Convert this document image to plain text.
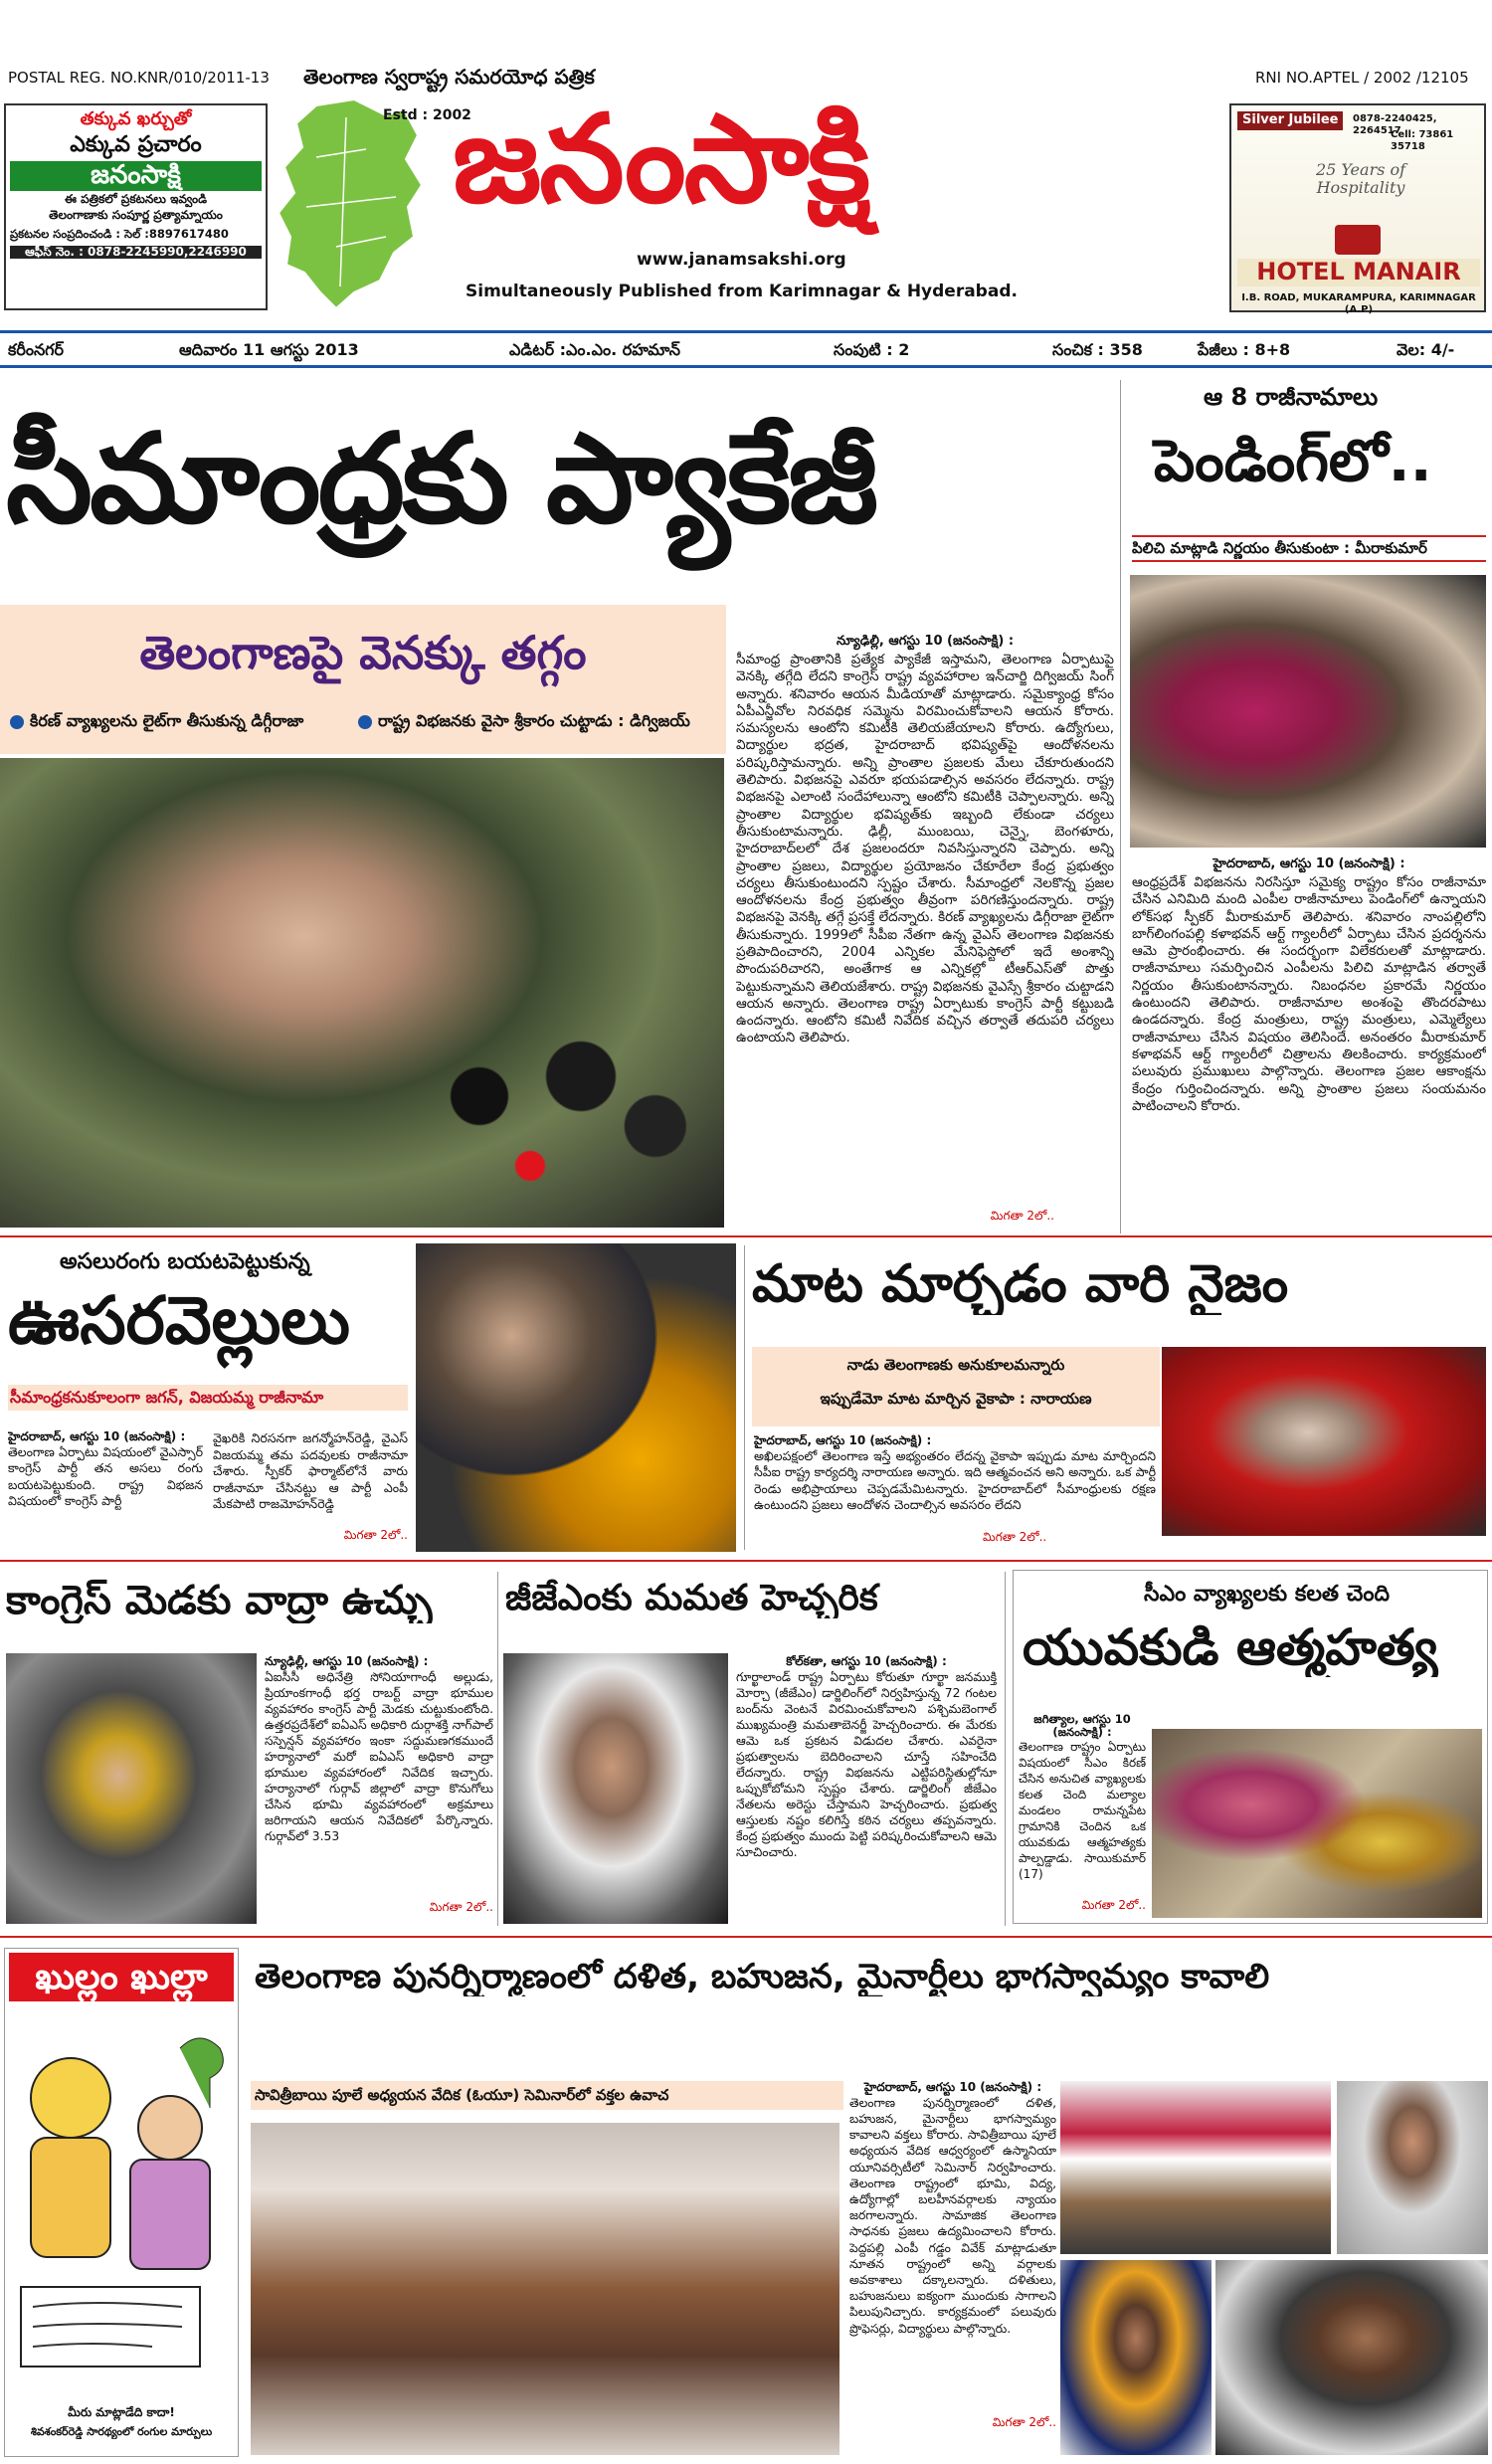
POSTAL REG. NO.KNR/010/2011-13 తెలంగాణ స్వరాష్ట్ర సమరయోధ పత్రిక	RNI NO.APTEL / 2002 /12105
తక్కువ ఖర్చుతో
ఎక్కువ ప్రచారం
జనంసాక్షి
ఈ పత్రికలో ప్రకటనలు ఇవ్వండి
తెలంగాణాకు సంపూర్ణ ప్రత్యామ్నాయం
ప్రకటనల సంప్రదించండి : సెల్ :8897617480
ఆఫీస్ నెం. : 0878-2245990,2246990
Estd : 2002
జనంసాక్షి
www.janamsakshi.org
Simultaneously Published from Karimnagar & Hyderabad.
Silver Jubilee	0878-2240425, 2264517
Cell: 73861 35718
25 Years of Hospitality
HOTEL MANAIR
I.B. ROAD, MUKARAMPURA, KARIMNAGAR (A.P)
కరీంనగర్	ఆదివారం 11 ఆగస్టు 2013	ఎడిటర్ :ఎం.ఎం. రహమాన్	సంపుటి : 2	సంచిక : 358	పేజీలు : 8+8	వెల: 4/-
సీమాంధ్రకు ప్యాకేజీ
తెలంగాణపై వెనక్కు తగ్గం
కిరణ్ వ్యాఖ్యలను లైట్‌గా తీసుకున్న డిగ్గీరాజా	రాష్ట్ర విభజనకు వైసా శ్రీకారం చుట్టాడు : డిగ్విజయ్
న్యూఢిల్లీ, ఆగస్టు 10 (జనంసాక్షి) :

సీమాంధ్ర ప్రాంతానికి ప్రత్యేక ప్యాకేజీ ఇస్తామని, తెలంగాణ ఏర్పాటుపై వెనక్కి తగ్గేది లేదని కాంగ్రెస్ రాష్ట్ర వ్యవహారాల ఇన్‌చార్జి దిగ్విజయ్ సింగ్ అన్నారు. శనివారం ఆయన మీడియాతో మాట్లాడారు. సమైక్యాంధ్ర కోసం ఏపీఎన్జీవోల నిరవధిక సమ్మెను విరమించుకోవాలని ఆయన కోరారు. సమస్యలను ఆంటోని కమిటీకి తెలియజేయాలని కోరారు. ఉద్యోగులు, విద్యార్థుల భద్రత, హైదరాబాద్ భవిష్యత్‌పై ఆందోళనలను పరిష్కరిస్తామన్నారు. అన్ని ప్రాంతాల ప్రజలకు మేలు చేకూరుతుందని తెలిపారు. విభజనపై ఎవరూ భయపడాల్సిన అవసరం లేదన్నారు. రాష్ట్ర విభజనపై ఎలాంటి సందేహాలున్నా ఆంటోని కమిటీకి చెప్పాలన్నారు. అన్ని ప్రాంతాల విద్యార్థుల భవిష్యత్‌కు ఇబ్బంది లేకుండా చర్యలు తీసుకుంటామన్నారు. ఢిల్లీ, ముంబయి, చెన్నై, బెంగళూరు, హైదరాబాద్‌లలో దేశ ప్రజలందరూ నివసిస్తున్నారని చెప్పారు. అన్ని ప్రాంతాల ప్రజలు, విద్యార్థుల ప్రయోజనం చేకూరేలా కేంద్ర ప్రభుత్వం చర్యలు తీసుకుంటుందని స్పష్టం చేశారు. సీమాంధ్రలో నెలకొన్న ప్రజల ఆందోళనలను కేంద్ర ప్రభుత్వం తీవ్రంగా పరిగణిస్తుందన్నారు. రాష్ట్ర విభజనపై వెనక్కి తగ్గే ప్రసక్తే లేదన్నారు. కిరణ్ వ్యాఖ్యలను డిగ్గీరాజా లైట్‌గా తీసుకున్నారు. 1999లో సీపీఐ నేతగా ఉన్న వైఎస్ తెలంగాణ విభజనకు ప్రతిపాదించారని, 2004 ఎన్నికల మేనిఫెస్టోలో ఇదే అంశాన్ని పొందుపరిచారని, అంతేగాక ఆ ఎన్నికల్లో టీఆర్ఎస్‌తో పొత్తు పెట్టుకున్నామని తెలియజేశారు. రాష్ట్ర విభజనకు వైఎస్సే శ్రీకారం చుట్టాడని ఆయన అన్నారు. తెలంగాణ రాష్ట్ర ఏర్పాటుకు కాంగ్రెస్ పార్టీ కట్టుబడి ఉందన్నారు. ఆంటోని కమిటీ నివేదిక వచ్చిన తర్వాతే తదుపరి చర్యలు ఉంటాయని తెలిపారు.

మిగతా 2లో..
ఆ 8 రాజీనామాలు
పెండింగ్‌లో..
పిలిచి మాట్లాడి నిర్ణయం తీసుకుంటా : మీరాకుమార్
హైదరాబాద్, ఆగస్టు 10 (జనంసాక్షి) :

ఆంధ్రప్రదేశ్ విభజనను నిరసిస్తూ సమైక్య రాష్ట్రం కోసం రాజీనామా చేసిన ఎనిమిది మంది ఎంపీల రాజీనామాలు పెండింగ్‌లో ఉన్నాయని లోక్‌సభ స్పీకర్ మీరాకుమార్ తెలిపారు. శనివారం నాంపల్లిలోని బాగ్‌లింగంపల్లి కళాభవన్ ఆర్ట్ గ్యాలరీలో ఏర్పాటు చేసిన ప్రదర్శనను ఆమె ప్రారంభించారు. ఈ సందర్భంగా విలేకరులతో మాట్లాడారు. రాజీనామాలు సమర్పించిన ఎంపీలను పిలిచి మాట్లాడిన తర్వాతే నిర్ణయం తీసుకుంటానన్నారు. నిబంధనల ప్రకారమే నిర్ణయం ఉంటుందని తెలిపారు. రాజీనామాల అంశంపై తొందరపాటు ఉండదన్నారు. కేంద్ర మంత్రులు, రాష్ట్ర మంత్రులు, ఎమ్మెల్యేలు రాజీనామాలు చేసిన విషయం తెలిసిందే. అనంతరం మీరాకుమార్ కళాభవన్ ఆర్ట్ గ్యాలరీలో చిత్రాలను తిలకించారు. కార్యక్రమంలో పలువురు ప్రముఖులు పాల్గొన్నారు. తెలంగాణ ప్రజల ఆకాంక్షను కేంద్రం గుర్తించిందన్నారు. అన్ని ప్రాంతాల ప్రజలు సంయమనం పాటించాలని కోరారు.

అసలురంగు బయటపెట్టుకున్న
ఊసరవెల్లులు
సీమాంధ్రకనుకూలంగా జగన్, విజయమ్మ రాజీనామా
హైదరాబాద్, ఆగస్టు 10 (జనంసాక్షి) :

తెలంగాణ ఏర్పాటు విషయంలో వైఎస్సార్ కాంగ్రెస్ పార్టీ తన అసలు రంగు బయటపెట్టుకుంది. రాష్ట్ర విభజన విషయంలో కాంగ్రెస్ పార్టీ

వైఖరికి నిరసనగా జగన్మోహన్‌రెడ్డి, వైఎస్ విజయమ్మ తమ పదవులకు రాజీనామా చేశారు. స్పీకర్ ఫార్మాట్‌లోనే వారు రాజీనామా చేసినట్టు ఆ పార్టీ ఎంపీ మేకపాటి రాజమోహన్‌రెడ్డి

మిగతా 2లో..
మాట మార్చడం వారి నైజం
నాడు తెలంగాణకు అనుకూలమన్నారు
ఇప్పుడేమో మాట మార్చిన వైకాపా : నారాయణ
హైదరాబాద్, ఆగస్టు 10 (జనంసాక్షి) :

అఖిలపక్షంలో తెలంగాణ ఇస్తే అభ్యంతరం లేదన్న వైకాపా ఇప్పుడు మాట మార్చిందని సీపీఐ రాష్ట్ర కార్యదర్శి నారాయణ అన్నారు. ఇది ఆత్మవంచన అని అన్నారు. ఒక పార్టీ రెండు అభిప్రాయాలు చెప్పడమేమిటన్నారు. హైదరాబాద్‌లో సీమాంధ్రులకు రక్షణ ఉంటుందని ప్రజలు ఆందోళన చెందాల్సిన అవసరం లేదని

మిగతా 2లో..
కాంగ్రెస్ మెడకు వాద్రా ఉచ్చు
న్యూఢిల్లీ, ఆగస్టు 10 (జనంసాక్షి) :

ఏఐసీసీ అధినేత్రి సోనియాగాంధీ అల్లుడు, ప్రియాంకగాంధీ భర్త రాబర్ట్ వాద్రా భూముల వ్యవహారం కాంగ్రెస్ పార్టీ మెడకు చుట్టుకుంటోంది. ఉత్తరప్రదేశ్‌లో ఐఏఎస్ అధికారి దుర్గాశక్తి నాగ్‌పాల్ సస్పెన్షన్ వ్యవహారం ఇంకా సద్దుమణగకముందే హర్యానాలో మరో ఐఏఎస్ అధికారి వాద్రా భూముల వ్యవహారంలో నివేదిక ఇచ్చారు. హర్యానాలో గుర్గావ్ జిల్లాలో వాద్రా కొనుగోలు చేసిన భూమి వ్యవహారంలో అక్రమాలు జరిగాయని ఆయన నివేదికలో పేర్కొన్నారు. గుర్గావ్‌లో 3.53

మిగతా 2లో..
జీజేఎంకు మమత హెచ్చరిక
కోల్‌కతా, ఆగస్టు 10 (జనంసాక్షి) :

గూర్ఖాలాండ్ రాష్ట్ర ఏర్పాటు కోరుతూ గూర్ఖా జనముక్తి మోర్చా (జీజేఎం) డార్జిలింగ్‌లో నిర్వహిస్తున్న 72 గంటల బంద్‌ను వెంటనే విరమించుకోవాలని పశ్చిమబెంగాల్ ముఖ్యమంత్రి మమతాబెనర్జీ హెచ్చరించారు. ఈ మేరకు ఆమె ఒక ప్రకటన విడుదల చేశారు. ఎవరైనా ప్రభుత్వాలను బెదిరించాలని చూస్తే సహించేది లేదన్నారు. రాష్ట్ర విభజనను ఎట్టిపరిస్థితుల్లోనూ ఒప్పుకోబోమని స్పష్టం చేశారు. డార్జిలింగ్ జీజేఎం నేతలను అరెస్టు చేస్తామని హెచ్చరించారు. ప్రభుత్వ ఆస్తులకు నష్టం కలిగిస్తే కఠిన చర్యలు తప్పవన్నారు. కేంద్ర ప్రభుత్వం ముందు పెట్టి పరిష్కరించుకోవాలని ఆమె సూచించారు.

సీఎం వ్యాఖ్యలకు కలత చెంది
యువకుడి ఆత్మహత్య
జగిత్యాల, ఆగస్టు 10 (జనంసాక్షి) :

తెలంగాణ రాష్ట్రం ఏర్పాటు విషయంలో సీఎం కిరణ్ చేసిన అనుచిత వ్యాఖ్యలకు కలత చెంది మల్యాల మండలం రామన్నపేట గ్రామానికి చెందిన ఒక యువకుడు ఆత్మహత్యకు పాల్పడ్డాడు. సాయికుమార్ (17)

మిగతా 2లో..
ఖుల్లం ఖుల్లా
మీరు మాట్లాడేది కాదా!
శివశంకర్‌రెడ్డి సారథ్యంలో రంగుల మార్పులు
తెలంగాణ పునర్నిర్మాణంలో దళిత, బహుజన, మైనార్టీలు భాగస్వామ్యం కావాలి
సావిత్రీబాయి పూలే అధ్యయన వేదిక (ఓయూ) సెమినార్‌లో వక్తల ఉవాచ	హైదరాబాద్, ఆగస్టు 10 (జనంసాక్షి) :

తెలంగాణ పునర్నిర్మాణంలో దళిత, బహుజన, మైనార్టీలు భాగస్వామ్యం కావాలని వక్తలు కోరారు. సావిత్రీబాయి పూలే అధ్యయన వేదిక ఆధ్వర్యంలో ఉస్మానియా యూనివర్సిటీలో సెమినార్ నిర్వహించారు. తెలంగాణ రాష్ట్రంలో భూమి, విద్య, ఉద్యోగాల్లో బలహీనవర్గాలకు న్యాయం జరగాలన్నారు. సామాజిక తెలంగాణ సాధనకు ప్రజలు ఉద్యమించాలని కోరారు. పెద్దపల్లి ఎంపీ గడ్డం వివేక్ మాట్లాడుతూ నూతన రాష్ట్రంలో అన్ని వర్గాలకు అవకాశాలు దక్కాలన్నారు. దళితులు, బహుజనులు ఐక్యంగా ముందుకు సాగాలని పిలుపునిచ్చారు. కార్యక్రమంలో పలువురు ప్రొఫెసర్లు, విద్యార్థులు పాల్గొన్నారు.

మిగతా 2లో..
